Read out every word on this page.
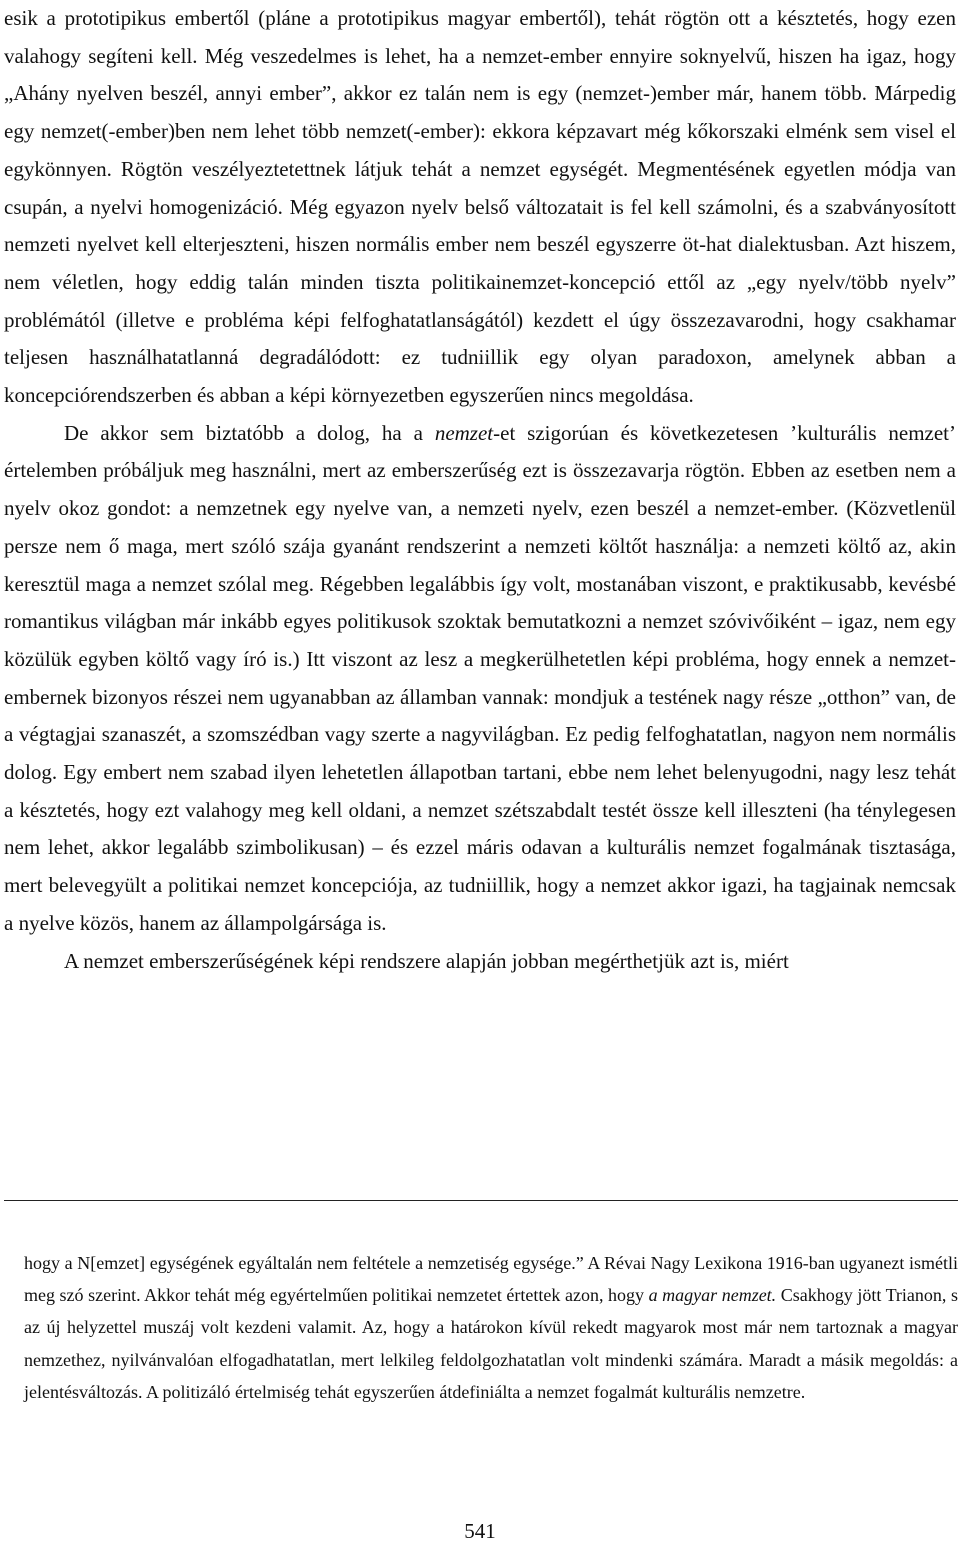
esik a prototipikus embertől (pláne a prototipikus magyar embertől), tehát rögtön ott a késztetés, hogy ezen valahogy segíteni kell. Még veszedelmes is lehet, ha a nemzet-ember ennyire soknyelvű, hiszen ha igaz, hogy „Ahány nyelven beszél, annyi ember”, akkor ez talán nem is egy (nemzet-)ember már, hanem több. Márpedig egy nemzet(-ember)ben nem lehet több nemzet(-ember): ekkora képzavart még kőkorszaki elménk sem visel el egykönnyen. Rögtön veszélyeztetettnek látjuk tehát a nemzet egységét. Megmentésének egyetlen módja van csupán, a nyelvi homogenizáció. Még egyazon nyelv belső változatait is fel kell számolni, és a szabványosított nemzeti nyelvet kell elterjeszteni, hiszen normális ember nem beszél egyszerre öt-hat dialektusban. Azt hiszem, nem véletlen, hogy eddig talán minden tiszta politikainemzet-koncepció ettől az „egy nyelv/több nyelv” problémától (illetve e probléma képi felfoghatatlanságától) kezdett el úgy összezavarodni, hogy csakhamar teljesen használhatatlanná degradálódott: ez tudniillik egy olyan paradoxon, amelynek abban a koncepciórendszerben és abban a képi környezetben egyszerűen nincs megoldása.

De akkor sem biztatóbb a dolog, ha a nemzet-et szigorúan és következetesen ’kulturális nemzet’ értelemben próbáljuk meg használni, mert az emberszerűség ezt is összezavarja rögtön. Ebben az esetben nem a nyelv okoz gondot: a nemzetnek egy nyelve van, a nemzeti nyelv, ezen beszél a nemzet-ember. (Közvetlenül persze nem ő maga, mert szóló szája gyanánt rendszerint a nemzeti költőt használja: a nemzeti költő az, akin keresztül maga a nemzet szólal meg. Régebben legalábbis így volt, mostanában viszont, e praktikusabb, kevésbé romantikus világban már inkább egyes politikusok szoktak bemutatkozni a nemzet szóvivőiként – igaz, nem egy közülük egyben költő vagy író is.) Itt viszont az lesz a megkerülhetetlen képi probléma, hogy ennek a nemzet-embernek bizonyos részei nem ugyanabban az államban vannak: mondjuk a testének nagy része „otthon” van, de a végtagjai szanaszét, a szomszédban vagy szerte a nagyvilágban. Ez pedig felfoghatatlan, nagyon nem normális dolog. Egy embert nem szabad ilyen lehetetlen állapotban tartani, ebbe nem lehet belenyugodni, nagy lesz tehát a késztetés, hogy ezt valahogy meg kell oldani, a nemzet szétszabdalt testét össze kell illeszteni (ha ténylegesen nem lehet, akkor legalább szimbolikusan) – és ezzel máris odavan a kulturális nemzet fogalmának tisztasága, mert belevegyült a politikai nemzet koncepciója, az tudniillik, hogy a nemzet akkor igazi, ha tagjainak nemcsak a nyelve közös, hanem az állampolgársága is.

A nemzet emberszerűségének képi rendszere alapján jobban megérthetjük azt is, miért

hogy a N[emzet] egységének egyáltalán nem feltétele a nemzetiség egysége.” A Révai Nagy Lexikona 1916-ban ugyanezt ismétli meg szó szerint. Akkor tehát még egyértelműen politikai nemzetet értettek azon, hogy a magyar nemzet. Csakhogy jött Trianon, s az új helyzettel muszáj volt kezdeni valamit. Az, hogy a határokon kívül rekedt magyarok most már nem tartoznak a magyar nemzethez, nyilvánvalóan elfogadhatatlan, mert lelkileg feldolgozhatatlan volt mindenki számára. Maradt a másik megoldás: a jelentésváltozás. A politizáló értelmiség tehát egyszerűen átdefiniálta a nemzet fogalmát kulturális nemzetre.

541
